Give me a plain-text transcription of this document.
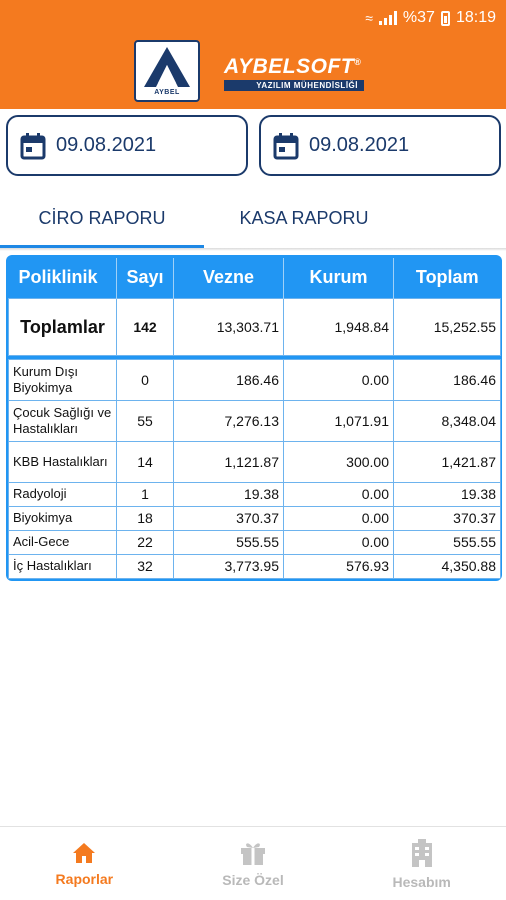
≈ %37 18:19
AYBEL
AYBELSOFT®
YAZILIM MÜHENDİSLİĞİ
09.08.2021	09.08.2021
CİRO RAPORU	KASA RAPORU
Poliklinik	Sayı	Vezne	Kurum	Toplam
Toplamlar	142	13,303.71	1,948.84	15,252.55

Kurum Dışı Biyokimya	0	186.46	0.00	186.46
Çocuk Sağlığı ve Hastalıkları	55	7,276.13	1,071.91	8,348.04
KBB Hastalıkları	14	1,121.87	300.00	1,421.87
Radyoloji	1	19.38	0.00	19.38
Biyokimya	18	370.37	0.00	370.37
Acil-Gece	22	555.55	0.00	555.55
İç Hastalıkları	32	3,773.95	576.93	4,350.88
Raporlar	Size Özel	Hesabım
